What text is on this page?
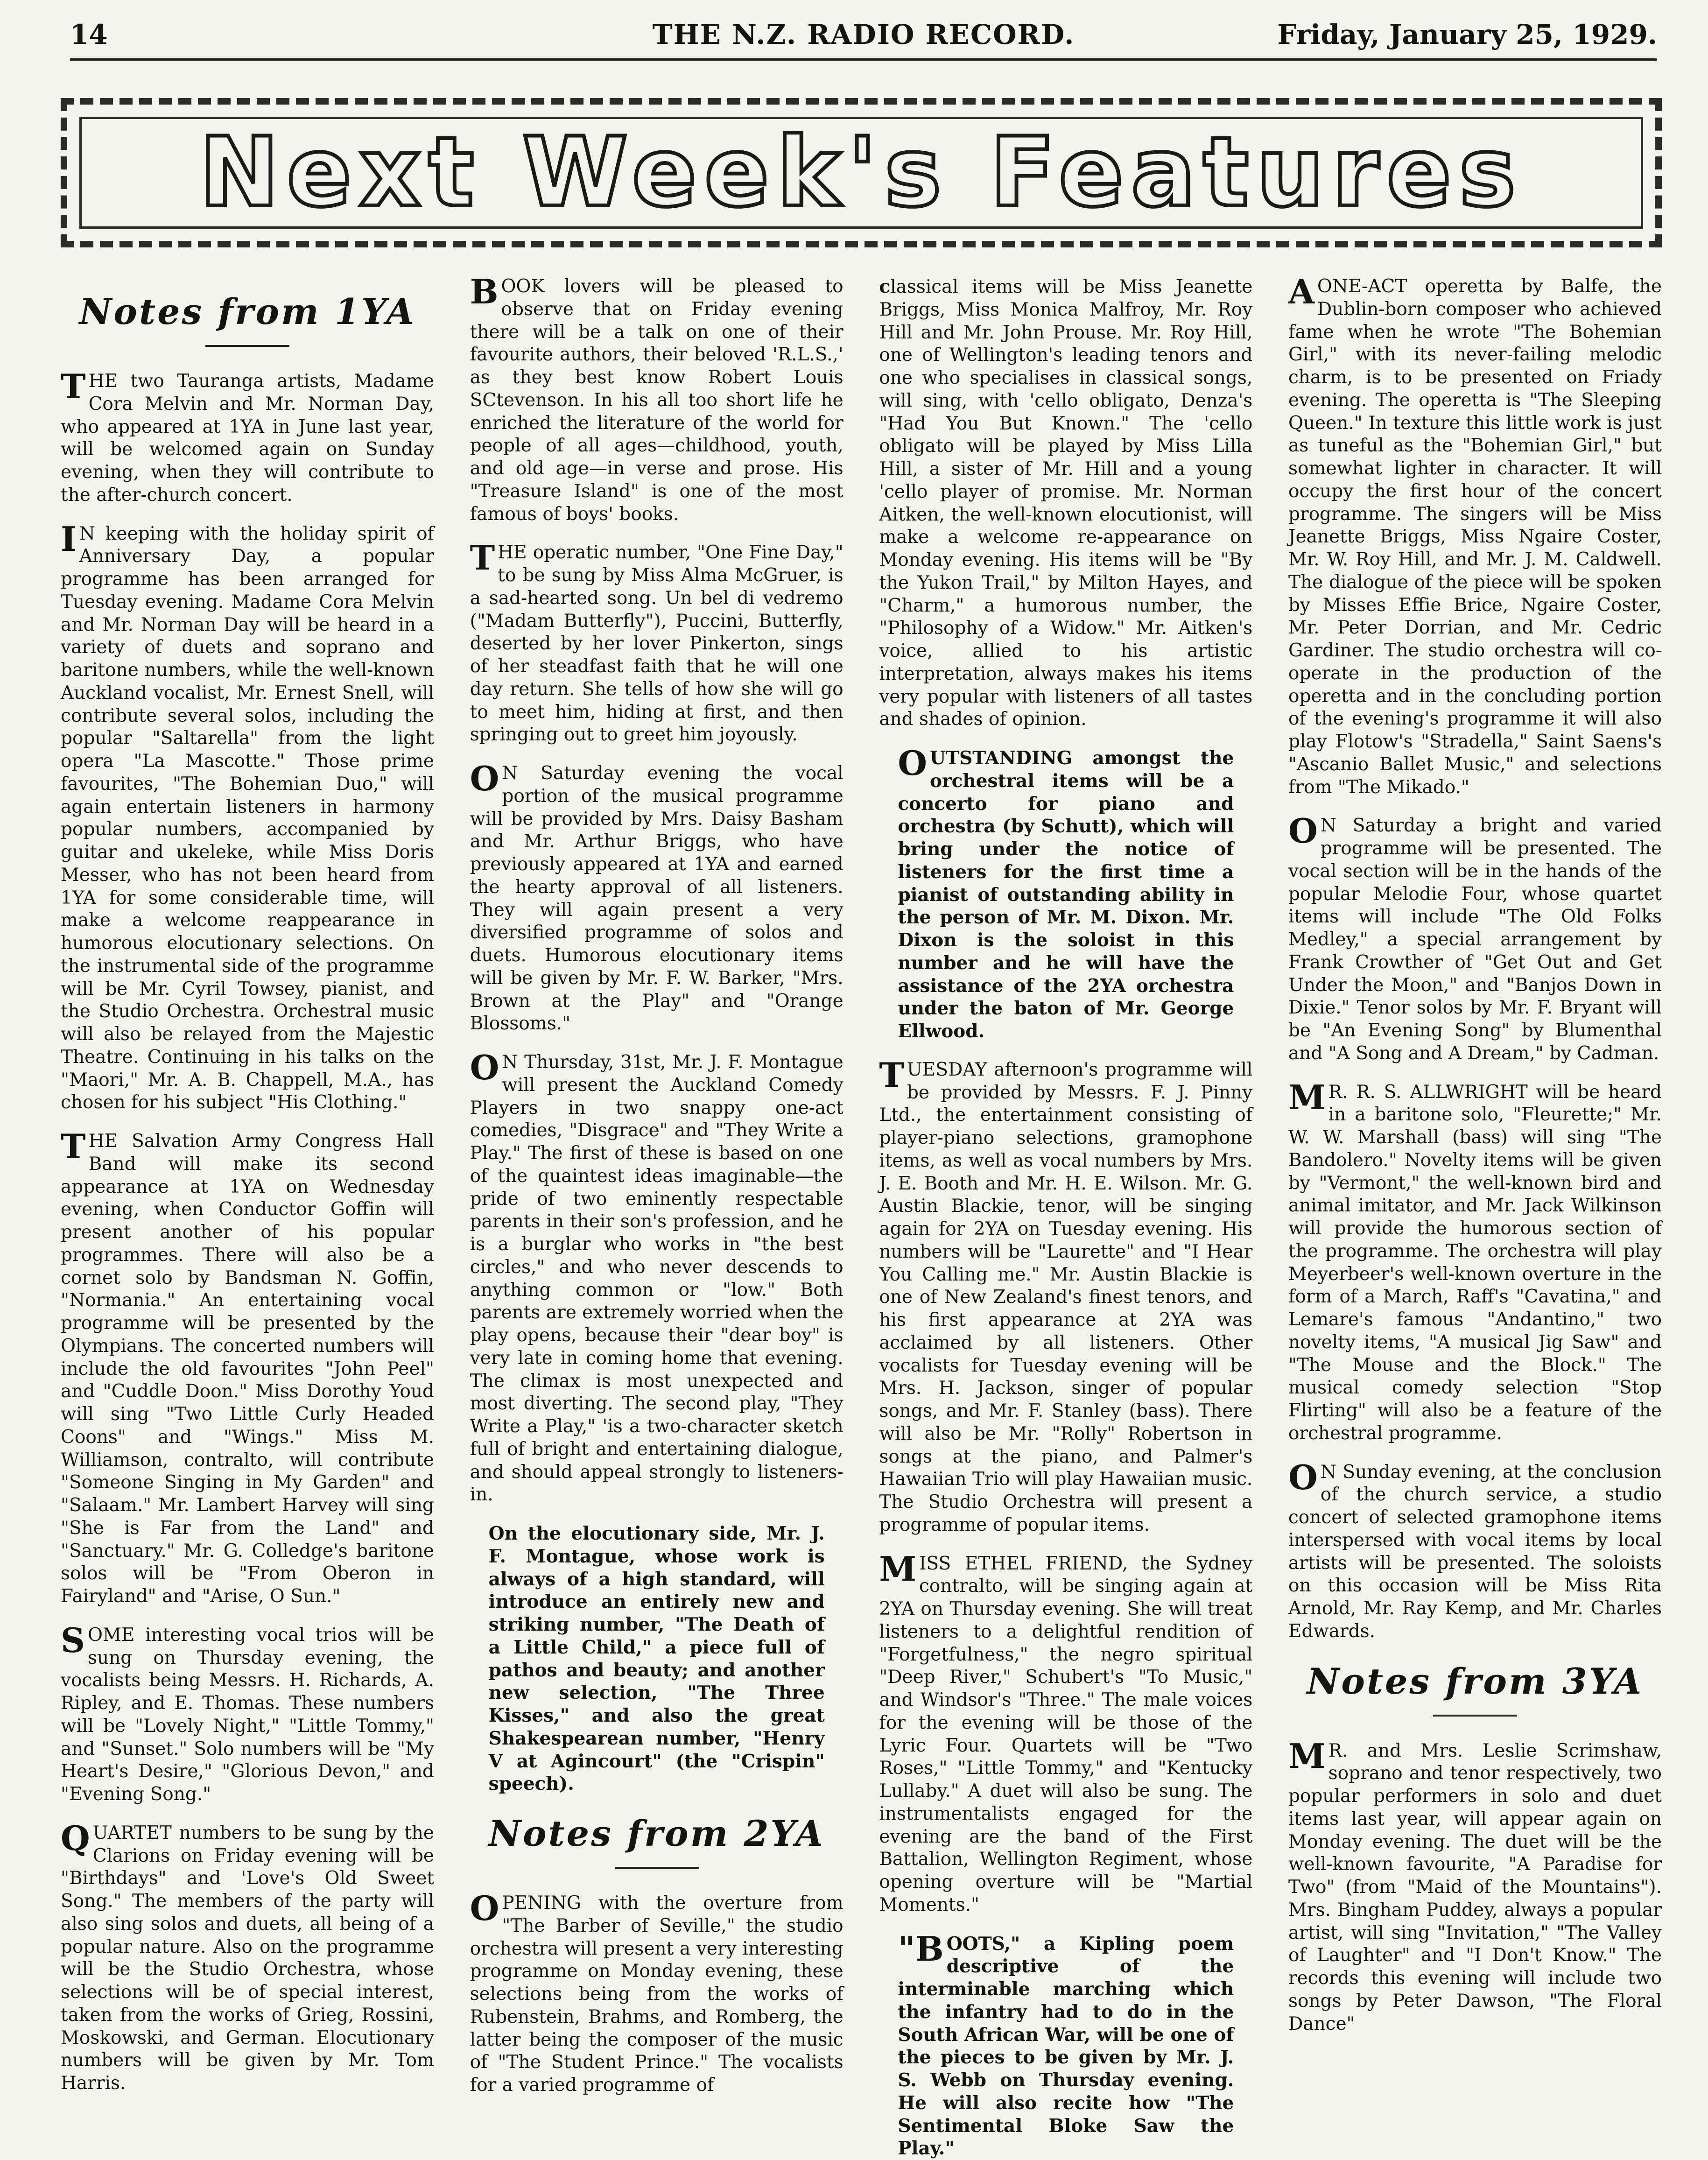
14	THE N.Z. RADIO RECORD.	Friday, January 25, 1929.
Next Week's Features
Notes from 1YA

THE two Tauranga artists, Madame Cora Melvin and Mr. Norman Day, who appeared at 1YA in June last year, will be welcomed again on Sunday evening, when they will contribute to the after-church concert.

IN keeping with the holiday spirit of Anniversary Day, a popular programme has been arranged for Tuesday evening. Madame Cora Melvin and Mr. Norman Day will be heard in a variety of duets and soprano and baritone numbers, while the well-known Auckland vocalist, Mr. Ernest Snell, will contribute several solos, including the popular "Saltarella" from the light opera "La Mascotte." Those prime favourites, "The Bohemian Duo," will again entertain listeners in harmony popular numbers, accompanied by guitar and ukeleke, while Miss Doris Messer, who has not been heard from 1YA for some considerable time, will make a welcome reappearance in humorous elocutionary selections. On the instrumental side of the programme will be Mr. Cyril Towsey, pianist, and the Studio Orchestra. Orchestral music will also be relayed from the Majestic Theatre. Continuing in his talks on the "Maori," Mr. A. B. Chappell, M.A., has chosen for his subject "His Clothing."

THE Salvation Army Congress Hall Band will make its second appearance at 1YA on Wednesday evening, when Conductor Goffin will present another of his popular programmes. There will also be a cornet solo by Bandsman N. Goffin, "Normania." An entertaining vocal programme will be presented by the Olympians. The concerted numbers will include the old favourites "John Peel" and "Cuddle Doon." Miss Dorothy Youd will sing "Two Little Curly Headed Coons" and "Wings." Miss M. Williamson, contralto, will contribute "Someone Singing in My Garden" and "Salaam." Mr. Lambert Harvey will sing "She is Far from the Land" and "Sanctuary." Mr. G. Colledge's baritone solos will be "From Oberon in Fairyland" and "Arise, O Sun."

SOME interesting vocal trios will be sung on Thursday evening, the vocalists being Messrs. H. Richards, A. Ripley, and E. Thomas. These numbers will be "Lovely Night," "Little Tommy," and "Sunset." Solo numbers will be "My Heart's Desire," "Glorious Devon," and "Evening Song."

QUARTET numbers to be sung by the Clarions on Friday evening will be "Birthdays" and 'Love's Old Sweet Song." The members of the party will also sing solos and duets, all being of a popular nature. Also on the programme will be the Studio Orchestra, whose selections will be of special interest, taken from the works of Grieg, Rossini, Moskowski, and German. Elocutionary numbers will be given by Mr. Tom Harris.

BOOK lovers will be pleased to observe that on Friday evening there will be a talk on one of their favourite authors, their beloved 'R.L.S.,' as they best know Robert Louis SCtevenson. In his all too short life he enriched the literature of the world for people of all ages—childhood, youth, and old age—in verse and prose. His "Treasure Island" is one of the most famous of boys' books.

THE operatic number, "One Fine Day," to be sung by Miss Alma McGruer, is a sad-hearted song. Un bel di vedremo ("Madam Butterfly"), Puccini, Butterfly, deserted by her lover Pinkerton, sings of her steadfast faith that he will one day return. She tells of how she will go to meet him, hiding at first, and then springing out to greet him joyously.

ON Saturday evening the vocal portion of the musical programme will be provided by Mrs. Daisy Basham and Mr. Arthur Briggs, who have previously appeared at 1YA and earned the hearty approval of all listeners. They will again present a very diversified programme of solos and duets. Humorous elocutionary items will be given by Mr. F. W. Barker, "Mrs. Brown at the Play" and "Orange Blossoms."

ON Thursday, 31st, Mr. J. F. Montague will present the Auckland Comedy Players in two snappy one-act comedies, "Disgrace" and "They Write a Play." The first of these is based on one of the quaintest ideas imaginable—the pride of two eminently respectable parents in their son's profession, and he is a burglar who works in "the best circles," and who never descends to anything common or "low." Both parents are extremely worried when the play opens, because their "dear boy" is very late in coming home that evening. The climax is most unexpected and most diverting. The second play, "They Write a Play," 'is a two-character sketch full of bright and entertaining dialogue, and should appeal strongly to listeners-in.

On the elocutionary side, Mr. J. F. Montague, whose work is always of a high standard, will introduce an entirely new and striking number, "The Death of a Little Child," a piece full of pathos and beauty; and another new selection, "The Three Kisses," and also the great Shakespearean number, "Henry V at Agincourt" (the "Crispin" speech).

Notes from 2YA

OPENING with the overture from "The Barber of Seville," the studio orchestra will present a very interesting programme on Monday evening, these selections being from the works of Rubenstein, Brahms, and Romberg, the latter being the composer of the music of "The Student Prince." The vocalists for a varied programme of

classical items will be Miss Jeanette Briggs, Miss Monica Malfroy, Mr. Roy Hill and Mr. John Prouse. Mr. Roy Hill, one of Wellington's leading tenors and one who specialises in classical songs, will sing, with 'cello obligato, Denza's "Had You But Known." The 'cello obligato will be played by Miss Lilla Hill, a sister of Mr. Hill and a young 'cello player of promise. Mr. Norman Aitken, the well-known elocutionist, will make a welcome re-appearance on Monday evening. His items will be "By the Yukon Trail," by Milton Hayes, and "Charm," a humorous number, the "Philosophy of a Widow." Mr. Aitken's voice, allied to his artistic interpretation, always makes his items very popular with listeners of all tastes and shades of opinion.

OUTSTANDING amongst the orchestral items will be a concerto for piano and orchestra (by Schutt), which will bring under the notice of listeners for the first time a pianist of outstanding ability in the person of Mr. M. Dixon. Mr. Dixon is the soloist in this number and he will have the assistance of the 2YA orchestra under the baton of Mr. George Ellwood.

TUESDAY afternoon's programme will be provided by Messrs. F. J. Pinny Ltd., the entertainment consisting of player-piano selections, gramophone items, as well as vocal numbers by Mrs. J. E. Booth and Mr. H. E. Wilson. Mr. G. Austin Blackie, tenor, will be singing again for 2YA on Tuesday evening. His numbers will be "Laurette" and "I Hear You Calling me." Mr. Austin Blackie is one of New Zealand's finest tenors, and his first appearance at 2YA was acclaimed by all listeners. Other vocalists for Tuesday evening will be Mrs. H. Jackson, singer of popular songs, and Mr. F. Stanley (bass). There will also be Mr. "Rolly" Robertson in songs at the piano, and Palmer's Hawaiian Trio will play Hawaiian music. The Studio Orchestra will present a programme of popular items.

MISS ETHEL FRIEND, the Sydney contralto, will be singing again at 2YA on Thursday evening. She will treat listeners to a delightful rendition of "Forgetfulness," the negro spiritual "Deep River," Schubert's "To Music," and Windsor's "Three." The male voices for the evening will be those of the Lyric Four. Quartets will be "Two Roses," "Little Tommy," and "Kentucky Lullaby." A duet will also be sung. The instrumentalists engaged for the evening are the band of the First Battalion, Wellington Regiment, whose opening overture will be "Martial Moments."

"BOOTS," a Kipling poem descriptive of the interminable marching which the infantry had to do in the South African War, will be one of the pieces to be given by Mr. J. S. Webb on Thursday evening. He will also recite how "The Sentimental Bloke Saw the Play."

AONE-ACT operetta by Balfe, the Dublin-born composer who achieved fame when he wrote "The Bohemian Girl," with its never-failing melodic charm, is to be presented on Friady evening. The operetta is "The Sleeping Queen." In texture this little work is just as tuneful as the "Bohemian Girl," but somewhat lighter in character. It will occupy the first hour of the concert programme. The singers will be Miss Jeanette Briggs, Miss Ngaire Coster, Mr. W. Roy Hill, and Mr. J. M. Caldwell. The dialogue of the piece will be spoken by Misses Effie Brice, Ngaire Coster, Mr. Peter Dorrian, and Mr. Cedric Gardiner. The studio orchestra will co-operate in the production of the operetta and in the concluding portion of the evening's programme it will also play Flotow's "Stradella," Saint Saens's "Ascanio Ballet Music," and selections from "The Mikado."

ON Saturday a bright and varied programme will be presented. The vocal section will be in the hands of the popular Melodie Four, whose quartet items will include "The Old Folks Medley," a special arrangement by Frank Crowther of "Get Out and Get Under the Moon," and "Banjos Down in Dixie." Tenor solos by Mr. F. Bryant will be "An Evening Song" by Blumenthal and "A Song and A Dream," by Cadman.

MR. R. S. ALLWRIGHT will be heard in a baritone solo, "Fleurette;" Mr. W. W. Marshall (bass) will sing "The Bandolero." Novelty items will be given by "Vermont," the well-known bird and animal imitator, and Mr. Jack Wilkinson will provide the humorous section of the programme. The orchestra will play Meyerbeer's well-known overture in the form of a March, Raff's "Cavatina," and Lemare's famous "Andantino," two novelty items, "A musical Jig Saw" and "The Mouse and the Block." The musical comedy selection "Stop Flirting" will also be a feature of the orchestral programme.

ON Sunday evening, at the conclusion of the church service, a studio concert of selected gramophone items interspersed with vocal items by local artists will be presented. The soloists on this occasion will be Miss Rita Arnold, Mr. Ray Kemp, and Mr. Charles Edwards.

Notes from 3YA

MR. and Mrs. Leslie Scrimshaw, soprano and tenor respectively, two popular performers in solo and duet items last year, will appear again on Monday evening. The duet will be the well-known favourite, "A Paradise for Two" (from "Maid of the Mountains"). Mrs. Bingham Puddey, always a popular artist, will sing "Invitation," "The Valley of Laughter" and "I Don't Know." The records this evening will include two songs by Peter Dawson, "The Floral Dance"
